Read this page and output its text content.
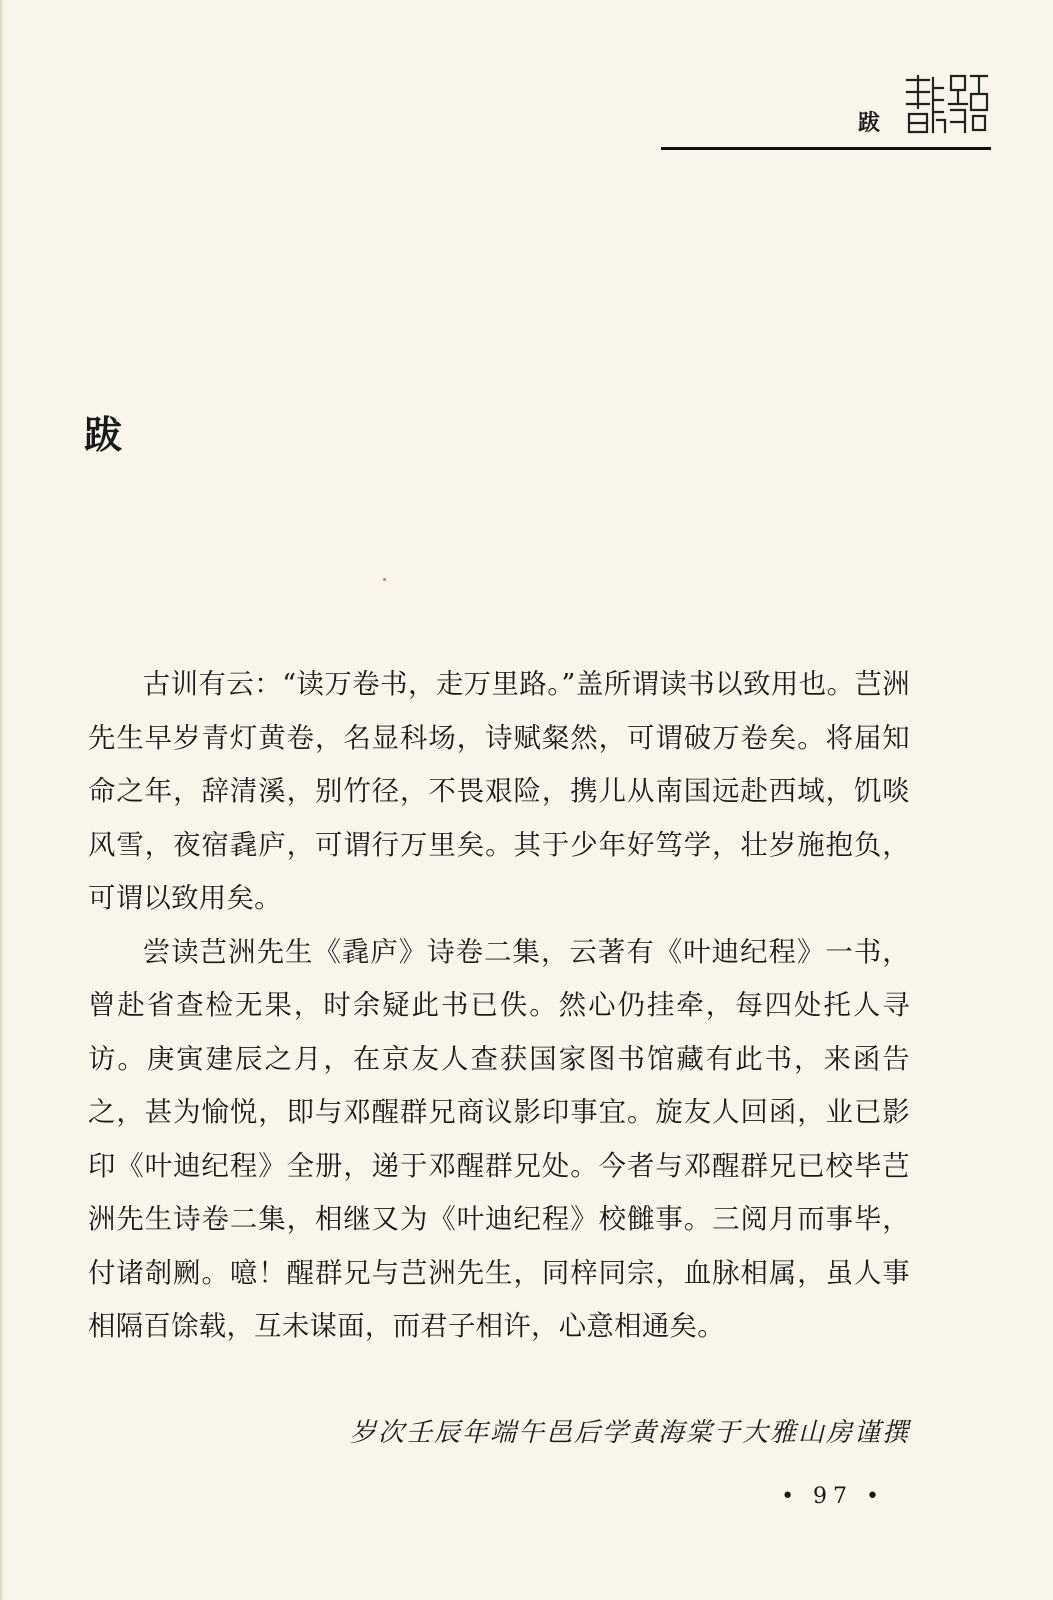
跋
跋

古训有云：“读万卷书，走万里路。”盖所谓读书以致用也。芑洲先生早岁青灯黄卷，名显科场，诗赋粲然，可谓破万卷矣。将届知命之年，辞清溪，别竹径，不畏艰险，携儿从南国远赴西域，饥啖风雪，夜宿毳庐，可谓行万里矣。其于少年好笃学，壮岁施抱负，可谓以致用矣。

尝读芑洲先生《毳庐》诗卷二集，云著有《叶迪纪程》一书，曾赴省查检无果，时余疑此书已佚。然心仍挂牵，每四处托人寻访。庚寅建辰之月，在京友人查获国家图书馆藏有此书，来函告之，甚为愉悦，即与邓醒群兄商议影印事宜。旋友人回函，业已影印《叶迪纪程》全册，递于邓醒群兄处。今者与邓醒群兄已校毕芑洲先生诗卷二集，相继又为《叶迪纪程》校雠事。三阅月而事毕，付诸剞劂。噫！醒群兄与芑洲先生，同梓同宗，血脉相属，虽人事相隔百馀载，互未谋面，而君子相许，心意相通矣。

岁次壬辰年端午邑后学黄海棠于大雅山房谨撰
• 97 •
